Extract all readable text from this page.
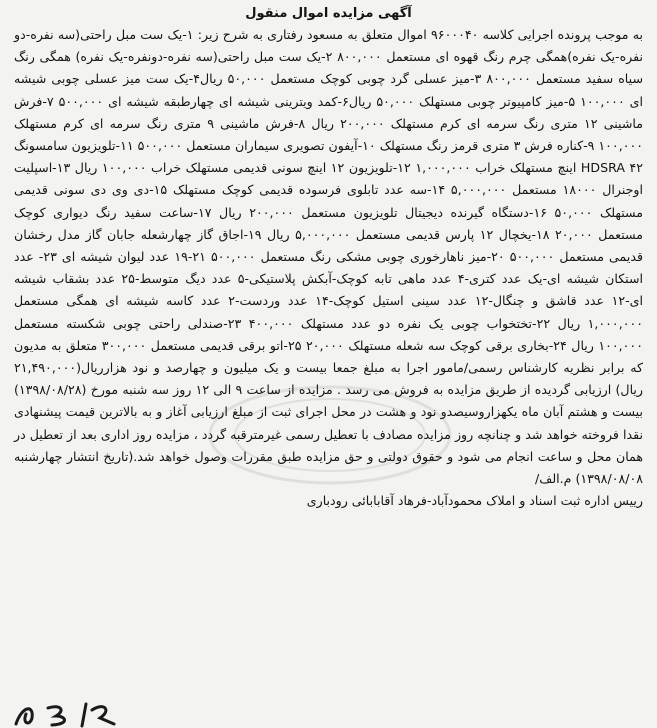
آگهی مزایده اموال منقول

به موجب پرونده اجرایی کلاسه ۹۶۰۰۰۴۰ اموال متعلق به مسعود رفتاری به شرح زیر: ۱-یک ست مبل راحتی(سه نفره-دو نفره-یک نفره)همگی چرم رنگ قهوه ای مستعمل ۸۰۰,۰۰۰ ۲-یک ست مبل راحتی(سه نفره-دونفره-یک نفره) همگی رنگ سیاه سفید مستعمل ۸۰۰,۰۰۰ ۳-میز عسلی گرد چوبی کوچک مستعمل ۵۰,۰۰۰ ریال۴-یک ست میز عسلی چوبی شیشه ای ۱۰۰,۰۰۰ ۵-میز کامپیوتر چوبی مستهلک ۵۰,۰۰۰ ریال۶-کمد ویترینی شیشه ای چهارطبقه شیشه ای ۵۰۰,۰۰۰ ۷-فرش ماشینی ۱۲ متری رنگ سرمه ای کرم مستهلک ۲۰۰,۰۰۰ ریال ۸-فرش ماشینی ۹ متری رنگ سرمه ای کرم مستهلک ۱۰۰,۰۰۰ ۹-کناره فرش ۳ متری قرمز رنگ مستهلک ۱۰-آیفون تصویری سیماران مستعمل ۵۰۰,۰۰۰ ۱۱-تلویزیون سامسونگ HDSRA ۴۲ اینچ مستهلک خراب ۱,۰۰۰,۰۰۰ ۱۲-تلویزیون ۱۲ اینچ سونی قدیمی مستهلک خراب ۱۰۰,۰۰۰ ریال ۱۳-اسپلیت اوجنرال ۱۸۰۰۰ مستعمل ۵,۰۰۰,۰۰۰ ۱۴-سه عدد تابلوی فرسوده قدیمی کوچک مستهلک ۱۵-دی وی دی سونی قدیمی مستهلک ۵۰,۰۰۰ ۱۶-دستگاه گیرنده دیجیتال تلویزیون مستعمل ۲۰۰,۰۰۰ ریال ۱۷-ساعت سفید رنگ دیواری کوچک مستعمل ۲۰,۰۰۰ ۱۸-یخچال ۱۲ پارس قدیمی مستعمل ۵,۰۰۰,۰۰۰ ریال ۱۹-اجاق گاز چهارشعله جابان گاز مدل رخشان قدیمی مستعمل ۵۰۰,۰۰۰ ۲۰-میز ناهارخوری چوبی مشکی رنگ مستعمل ۵۰۰,۰۰۰ ۲۱-۱۹ عدد لیوان شیشه ای ۲۳- عدد استکان شیشه ای-یک عدد کتری-۴ عدد ماهی تابه کوچک-آبکش پلاستیکی-۵ عدد دیگ متوسط-۲۵ عدد بشقاب شیشه ای-۱۲ عدد قاشق و چنگال-۱۲ عدد سینی استیل کوچک-۱۴ عدد وردست-۲ عدد کاسه شیشه ای همگی مستعمل ۱,۰۰۰,۰۰۰ ریال ۲۲-تختخواب چوبی یک نفره دو عدد مستهلک ۴۰۰,۰۰۰ ۲۳-صندلی راحتی چوبی شکسته مستعمل ۱۰۰,۰۰۰ ریال ۲۴-بخاری برقی کوچک سه شعله مستهلک ۲۰,۰۰۰ ۲۵-اتو برقی قدیمی مستعمل ۳۰۰,۰۰۰ متعلق به مدیون که برابر نظریه کارشناس رسمی/مامور اجرا به مبلغ جمعا بیست و یک میلیون و چهارصد و نود هزارریال(۲۱,۴۹۰,۰۰۰ ریال) ارزیابی گردیده از طریق مزایده به فروش می رسد . مزایده از ساعت ۹ الی ۱۲ روز سه شنبه مورخ (۱۳۹۸/۰۸/۲۸) بیست و هشتم آبان ماه یکهزاروسیصدو نود و هشت در محل اجرای ثبت از مبلغ ارزیابی آغاز و به بالاترین قیمت پیشنهادی نقدا فروخته خواهد شد و چنانچه روز مزایده مصادف با تعطیل رسمی غیرمترقبه گردد ، مزایده روز اداری بعد از تعطیل در همان محل و ساعت انجام می شود و حقوق دولتی و حق مزایده طبق مقررات وصول خواهد شد.(تاریخ انتشار چهارشنبه ۱۳۹۸/۰۸/۰۸) م.الف/

رییس اداره ثبت اسناد و املاک محمودآباد-فرهاد آقابابائی رودباری
